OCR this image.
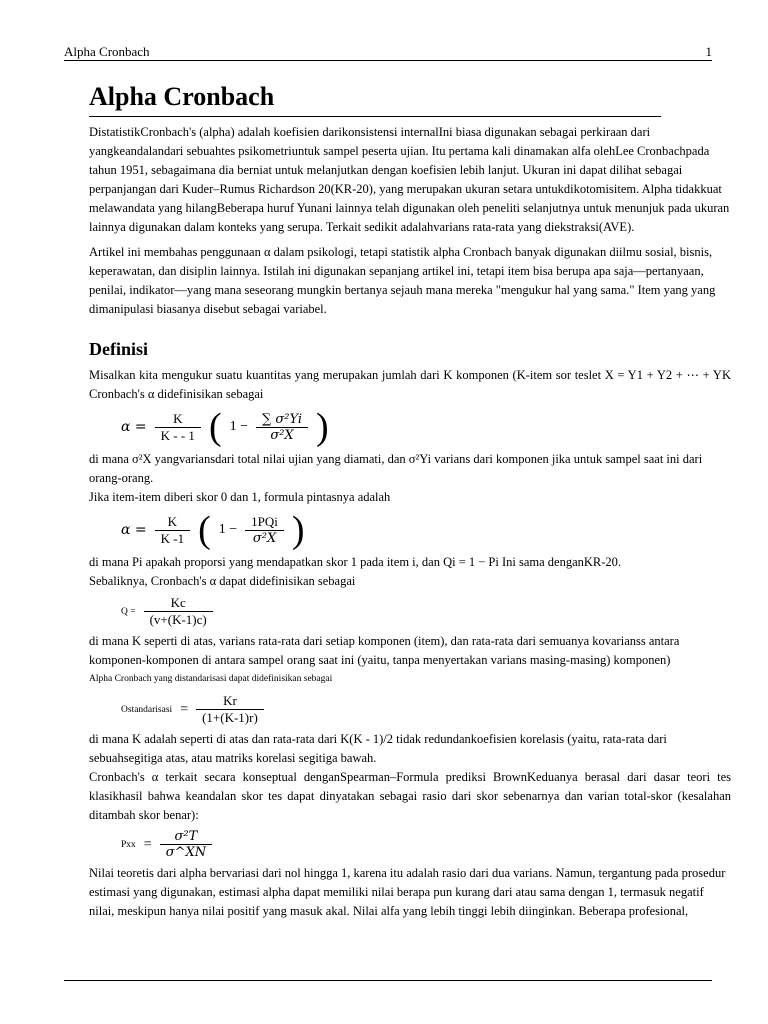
Alpha Cronbach	1
Alpha Cronbach

DistatistikCronbach's (alpha) adalah koefisien darikonsistensi internalIni biasa digunakan sebagai perkiraan dari yangkeandalandari sebuahtes psikometriuntuk sampel peserta ujian. Itu pertama kali dinamakan alfa olehLee Cronbachpada tahun 1951, sebagaimana dia berniat untuk melanjutkan dengan koefisien lebih lanjut. Ukuran ini dapat dilihat sebagai perpanjangan dari Kuder–Rumus Richardson 20(KR-20), yang merupakan ukuran setara untukdikotomisitem. Alpha tidakkuat melawandata yang hilangBeberapa huruf Yunani lainnya telah digunakan oleh peneliti selanjutnya untuk menunjuk pada ukuran lainnya digunakan dalam konteks yang serupa. Terkait sedikit adalahvarians rata-rata yang diekstraksi(AVE).

Artikel ini membahas penggunaan α dalam psikologi, tetapi statistik alpha Cronbach banyak digunakan diilmu sosial, bisnis, keperawatan, dan disiplin lainnya. Istilah ini digunakan sepanjang artikel ini, tetapi item bisa berupa apa saja—pertanyaan, penilai, indikator—yang mana seseorang mungkin bertanya sejauh mana mereka "mengukur hal yang sama." Item yang yang dimanipulasi biasanya disebut sebagai variabel.

Definisi

Misalkan kita mengukur suatu kuantitas yang merupakan jumlah dari K komponen (K-item sor teslet X = Y1 + Y2 + ⋯ + YK Cronbach's α didefinisikan sebagai

$\alpha = \frac{K}{K - - 1}$ ( $1 - \frac{\text{∑ σ²Yi}}{\text{σ²X}}$ )

di mana σ²X yangvariansdari total nilai ujian yang diamati, dan σ²Yi varians dari komponen jika untuk sampel saat ini dari orang-orang.

Jika item-item diberi skor 0 dan 1, formula pintasnya adalah

$\alpha = \frac{K}{K -1}$ ( $1 - \frac{\text{1PQi}}{\text{σ²X}}$ )

di mana Pi apakah proporsi yang mendapatkan skor 1 pada item i, dan Qi = 1 − Pi Ini sama denganKR-20.

Sebaliknya, Cronbach's α dapat didefinisikan sebagai

$Q = \frac{Kc}{(v+(K-1)c)}$

di mana K seperti di atas, varians rata-rata dari setiap komponen (item), dan rata-rata dari semuanya kovarianss antara komponen-komponen di antara sampel orang saat ini (yaitu, tanpa menyertakan varians masing-masing) komponen)

Alpha Cronbach yang distandarisasi dapat didefinisikan sebagai

Ostandarisasi = $\frac{Kr}{(1+(K-1)r)}$

di mana K adalah seperti di atas dan rata-rata dari K(K - 1)/2 tidak redundankoefisien korelasis (yaitu, rata-rata dari sebuahsegitiga atas, atau matriks korelasi segitiga bawah.

Cronbach's α terkait secara konseptual denganSpearman–Formula prediksi BrownKeduanya berasal dari dasar teori tes klasikhasil bahwa keandalan skor tes dapat dinyatakan sebagai rasio dari skor sebenarnya dan varian total-skor (kesalahan ditambah skor benar):

Pxx = $\frac{\text{σ²T}}{\sigma\^{}XN}$

Nilai teoretis dari alpha bervariasi dari nol hingga 1, karena itu adalah rasio dari dua varians. Namun, tergantung pada prosedur estimasi yang digunakan, estimasi alpha dapat memiliki nilai berapa pun kurang dari atau sama dengan 1, termasuk negatif nilai, meskipun hanya nilai positif yang masuk akal. Nilai alfa yang lebih tinggi lebih diinginkan. Beberapa profesional,
